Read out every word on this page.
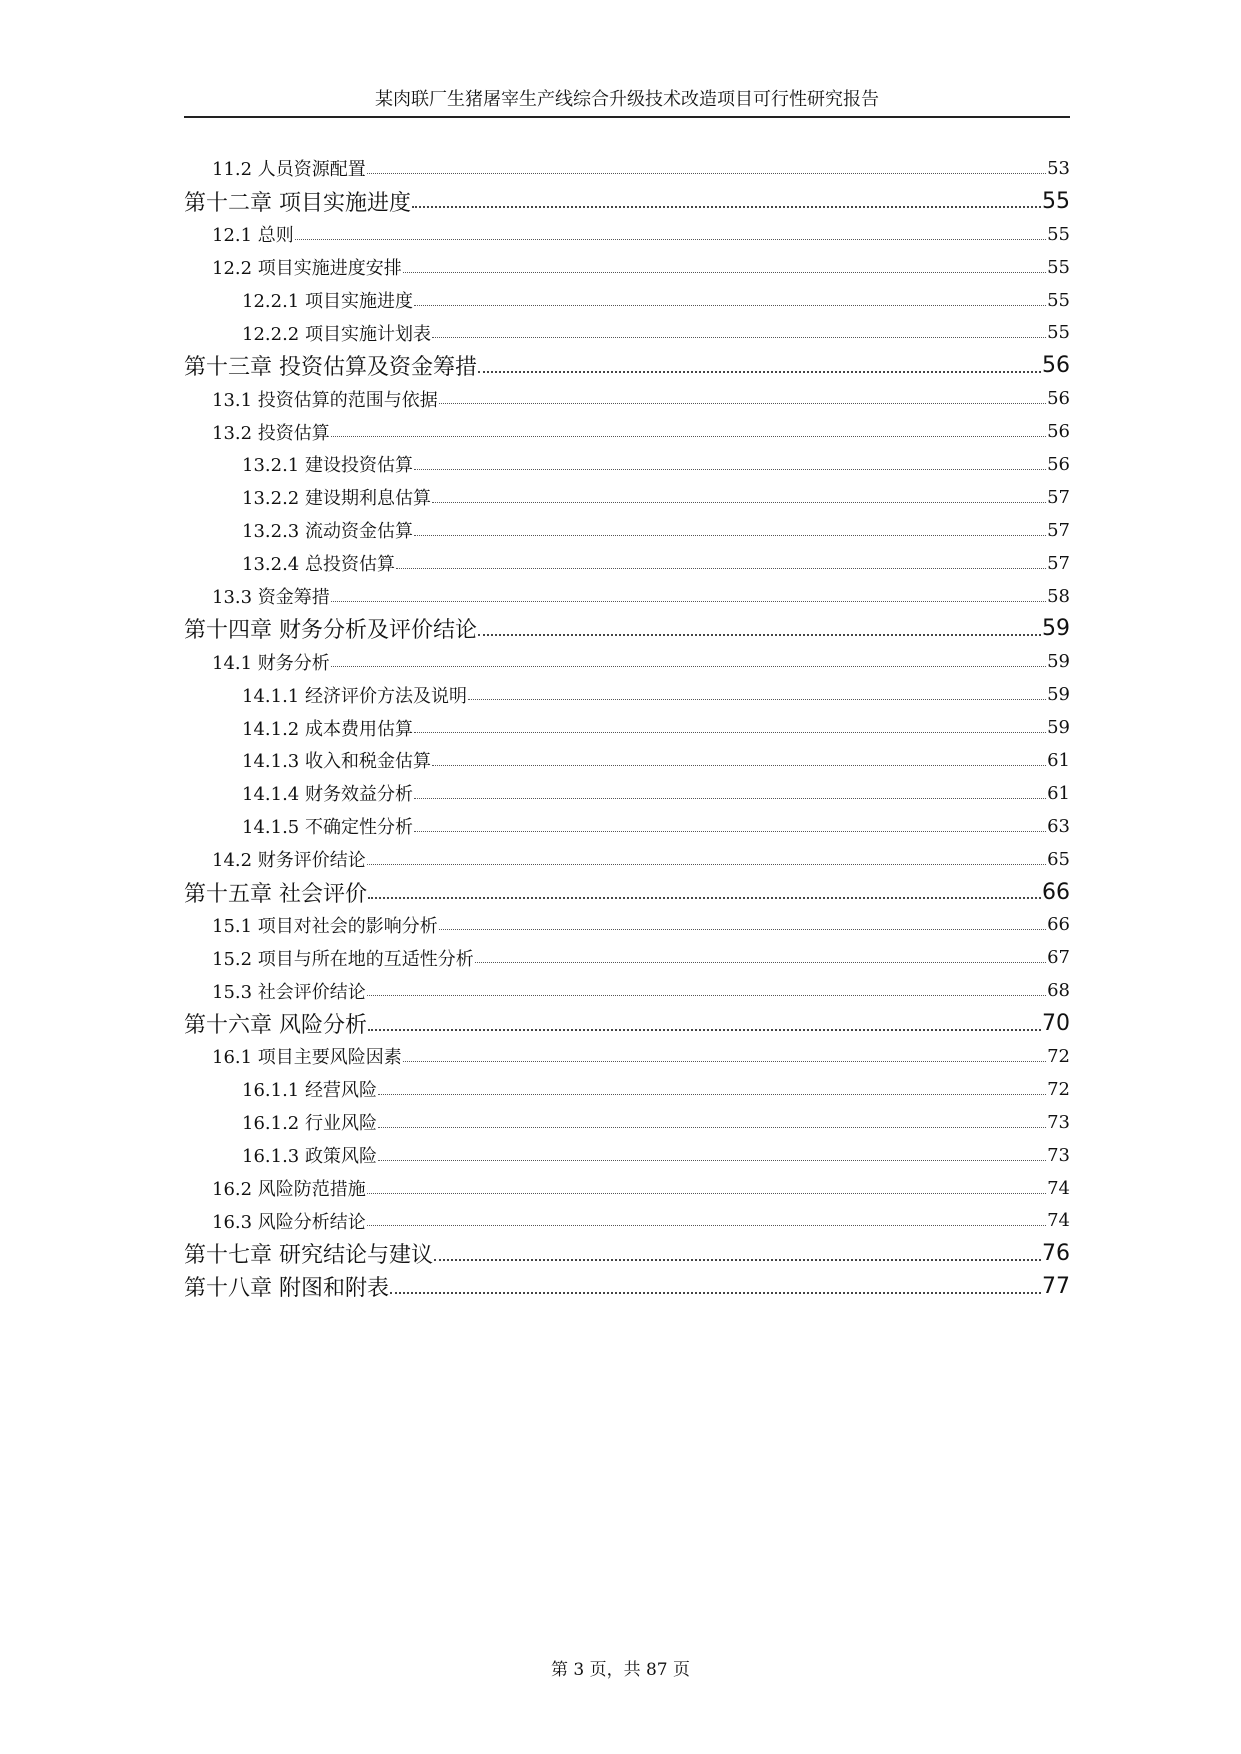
某肉联厂生猪屠宰生产线综合升级技术改造项目可行性研究报告
11.2 人员资源配置	53
第十二章 项目实施进度	55
12.1 总则	55
12.2 项目实施进度安排	55
12.2.1 项目实施进度	55
12.2.2 项目实施计划表	55
第十三章 投资估算及资金筹措	56
13.1 投资估算的范围与依据	56
13.2 投资估算	56
13.2.1 建设投资估算	56
13.2.2 建设期利息估算	57
13.2.3 流动资金估算	57
13.2.4 总投资估算	57
13.3 资金筹措	58
第十四章 财务分析及评价结论	59
14.1 财务分析	59
14.1.1 经济评价方法及说明	59
14.1.2 成本费用估算	59
14.1.3 收入和税金估算	61
14.1.4 财务效益分析	61
14.1.5 不确定性分析	63
14.2 财务评价结论	65
第十五章 社会评价	66
15.1 项目对社会的影响分析	66
15.2 项目与所在地的互适性分析	67
15.3 社会评价结论	68
第十六章 风险分析	70
16.1 项目主要风险因素	72
16.1.1 经营风险	72
16.1.2 行业风险	73
16.1.3 政策风险	73
16.2 风险防范措施	74
16.3 风险分析结论	74
第十七章 研究结论与建议	76
第十八章 附图和附表	77
第 3 页，共 87 页
